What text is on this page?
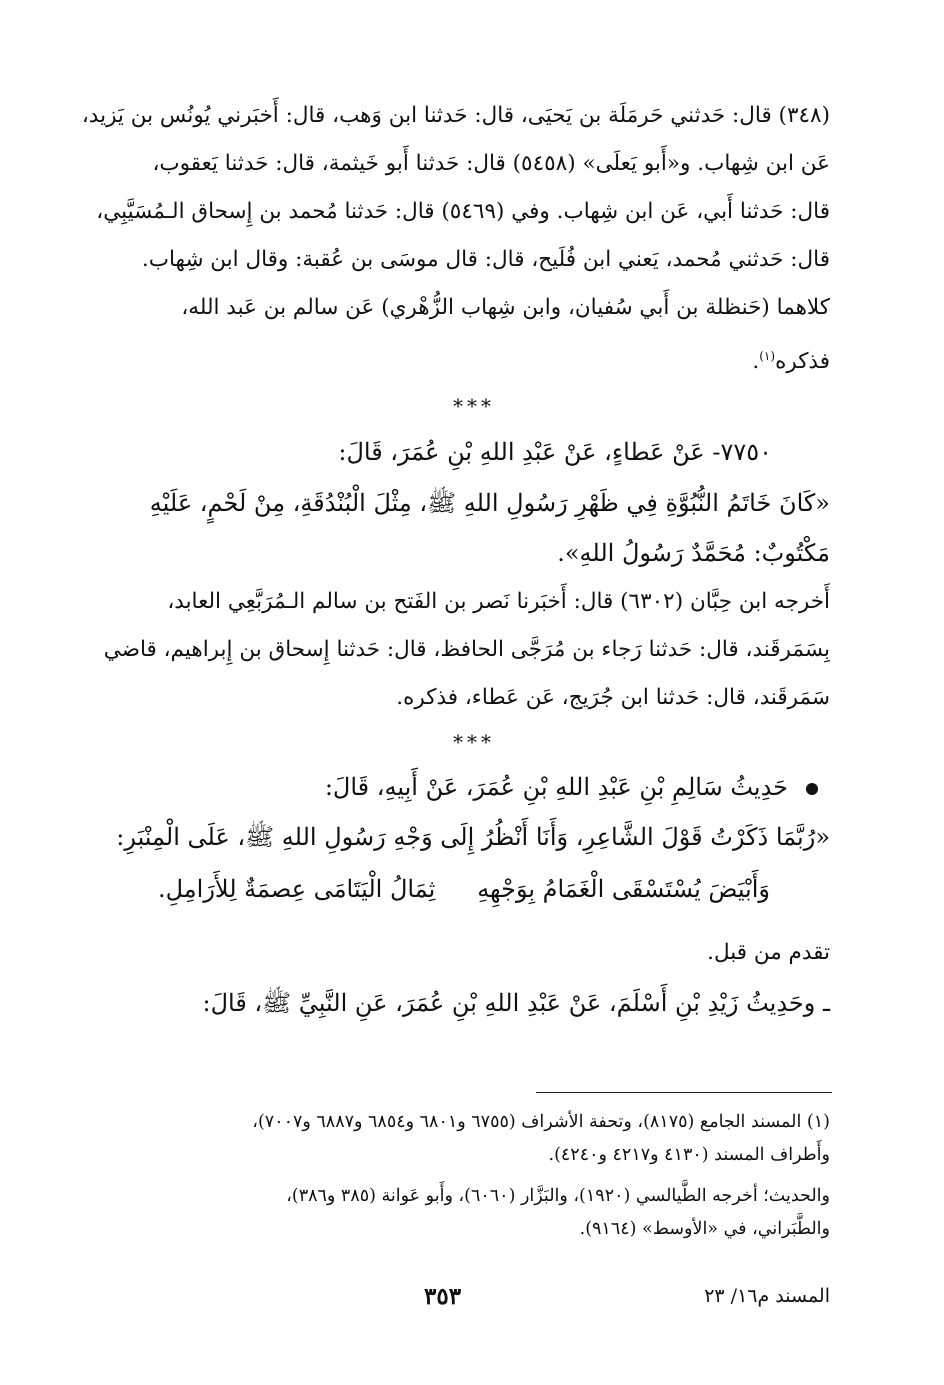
(٣٤٨) قال: حَدثني حَرمَلَة بن يَحيَى، قال: حَدثنا ابن وَهب، قال: أَخبَرني يُونُس بن يَزيد،
عَن ابن شِهاب. و«أَبو يَعلَى» (٥٤٥٨) قال: حَدثنا أَبو خَيثمة، قال: حَدثنا يَعقوب،
قال: حَدثنا أَبي، عَن ابن شِهاب. وفي (٥٤٦٩) قال: حَدثنا مُحمد بن إِسحاق الـمُسَيَّبِي،
قال: حَدثني مُحمد، يَعني ابن فُلَيح، قال: قال موسَى بن عُقبة: وقال ابن شِهاب.

كلاهما (حَنظلة بن أَبي سُفيان، وابن شِهاب الزُّهْري) عَن سالم بن عَبد الله،
فذكره$^{(١)}$.

***

٧٧٥٠- عَنْ عَطاءٍ، عَنْ عَبْدِ اللهِ بْنِ عُمَرَ، قَالَ:

«كَانَ خَاتَمُ النُّبُوَّةِ فِي ظَهْرِ رَسُولِ اللهِ ﷺ، مِثْلَ الْبُنْدُقَةِ، مِنْ لَحْمٍ، عَلَيْهِ
مَكْتُوبٌ: مُحَمَّدٌ رَسُولُ اللهِ».

أَخرجه ابن حِبَّان (٦٣٠٢) قال: أَخبَرنا نَصر بن الفَتح بن سالم الـمُرَبَّعِي العابد،
بِسَمَرقَند، قال: حَدثنا رَجاء بن مُرَجَّى الحافظ، قال: حَدثنا إِسحاق بن إِبراهيم، قاضي
سَمَرقَند، قال: حَدثنا ابن جُرَيج، عَن عَطاء، فذكره.

***

حَدِيثُ سَالِمِ بْنِ عَبْدِ اللهِ بْنِ عُمَرَ، عَنْ أَبِيهِ، قَالَ:

«رُبَّمَا ذَكَرْتُ قَوْلَ الشَّاعِرِ، وَأَنَا أَنْظُرُ إِلَى وَجْهِ رَسُولِ اللهِ ﷺ، عَلَى الْمِنْبَرِ:

وَأَبْيَضَ يُسْتَسْقَى الْغَمَامُ بِوَجْهِهِ
ثِمَالُ الْيَتَامَى عِصمَةٌ لِلأَرَامِلِ.

تقدم من قبل.

ـ وحَدِيثُ زَيْدِ بْنِ أَسْلَمَ، عَنْ عَبْدِ اللهِ بْنِ عُمَرَ، عَنِ النَّبِيِّ ﷺ، قَالَ:

(١) المسند الجامع (٨١٧٥)، وتحفة الأشراف (٦٧٥٥ و٦٨٠١ و٦٨٥٤ و٦٨٨٧ و٧٠٠٧)،
وأَطراف المسند (٤١٣٠ و٤٢١٧ و٤٢٤٠).
والحديث؛ أخرجه الطَّيالسي (١٩٢٠)، والبَزَّار (٦٠٦٠)، وأَبو عَوانة (٣٨٥ و٣٨٦)،
والطَّبَراني، في «الأوسط» (٩١٦٤).
المسند م١٦/ ٢٣
٣٥٣
